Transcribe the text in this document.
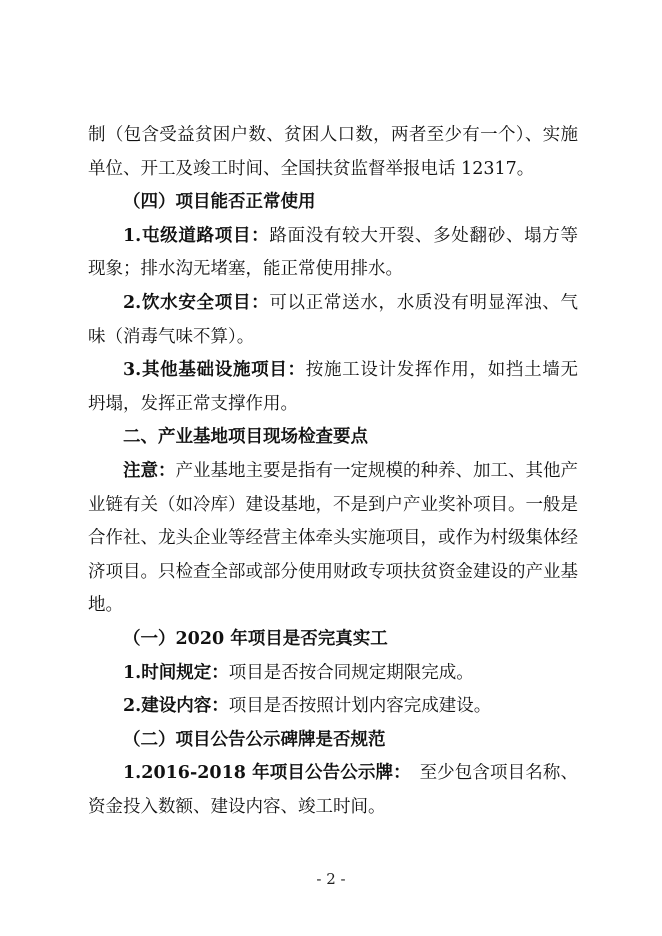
制（包含受益贫困户数、贫困人口数，两者至少有一个）、实施单位、开工及竣工时间、全国扶贫监督举报电话 12317。

（四）项目能否正常使用

1.屯级道路项目：路面没有较大开裂、多处翻砂、塌方等现象；排水沟无堵塞，能正常使用排水。

2.饮水安全项目：可以正常送水，水质没有明显浑浊、气味（消毒气味不算）。

3.其他基础设施项目：按施工设计发挥作用，如挡土墙无坍塌，发挥正常支撑作用。

二、产业基地项目现场检查要点

注意：产业基地主要是指有一定规模的种养、加工、其他产业链有关（如冷库）建设基地，不是到户产业奖补项目。一般是合作社、龙头企业等经营主体牵头实施项目，或作为村级集体经济项目。只检查全部或部分使用财政专项扶贫资金建设的产业基地。

（一）2020 年项目是否完真实工

1.时间规定：项目是否按合同规定期限完成。

2.建设内容：项目是否按照计划内容完成建设。

（二）项目公告公示碑牌是否规范

1.2016-2018 年项目公告公示牌：　至少包含项目名称、资金投入数额、建设内容、竣工时间。

- 2 -
